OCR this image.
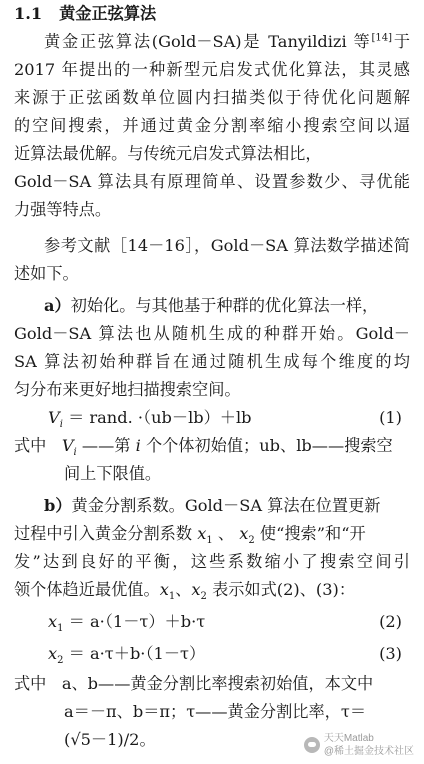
1.1 黄金正弦算法
黄金正弦算法(Gold－SA)是 Tanyildizi 等[14]于
2017 年提出的一种新型元启发式优化算法，其灵感
来源于正弦函数单位圆内扫描类似于待优化问题解
的空间搜索，并通过黄金分割率缩小搜索空间以逼
近算法最优解。与传统元启发式算法相比，
Gold－SA 算法具有原理简单、设置参数少、寻优能
力强等特点。
参考文献［14－16］，Gold－SA 算法数学描述简
述如下。
a）初始化。与其他基于种群的优化算法一样，
Gold－SA 算法也从随机生成的种群开始。Gold－
SA 算法初始种群旨在通过随机生成每个维度的均
匀分布来更好地扫描搜索空间。
$V_i$ ＝ rand. ·（ub－lb）＋lb	(1)
式中 $V_i$ ——第 i 个个体初始值；ub、lb——搜索空
间上下限值。
b）黄金分割系数。Gold－SA 算法在位置更新
过程中引入黄金分割系数 $x_1$ 、 $x_2$ 使“搜索”和“开
发”达到良好的平衡，这些系数缩小了搜索空间引
领个体趋近最优值。$x_1$、$x_2$ 表示如式(2)、(3)：
$x_1 = a\cdot(1-\tau)+b\cdot\tau$	(2)
$x_2 = a\cdot\tau+b\cdot(1-\tau)$	(3)
式中 a、b——黄金分割比率搜索初始值，本文中
a＝－π、b＝π；τ——黄金分割比率，τ＝
(√5－1)/2。	天天Matlab
@稀土掘金技术社区
